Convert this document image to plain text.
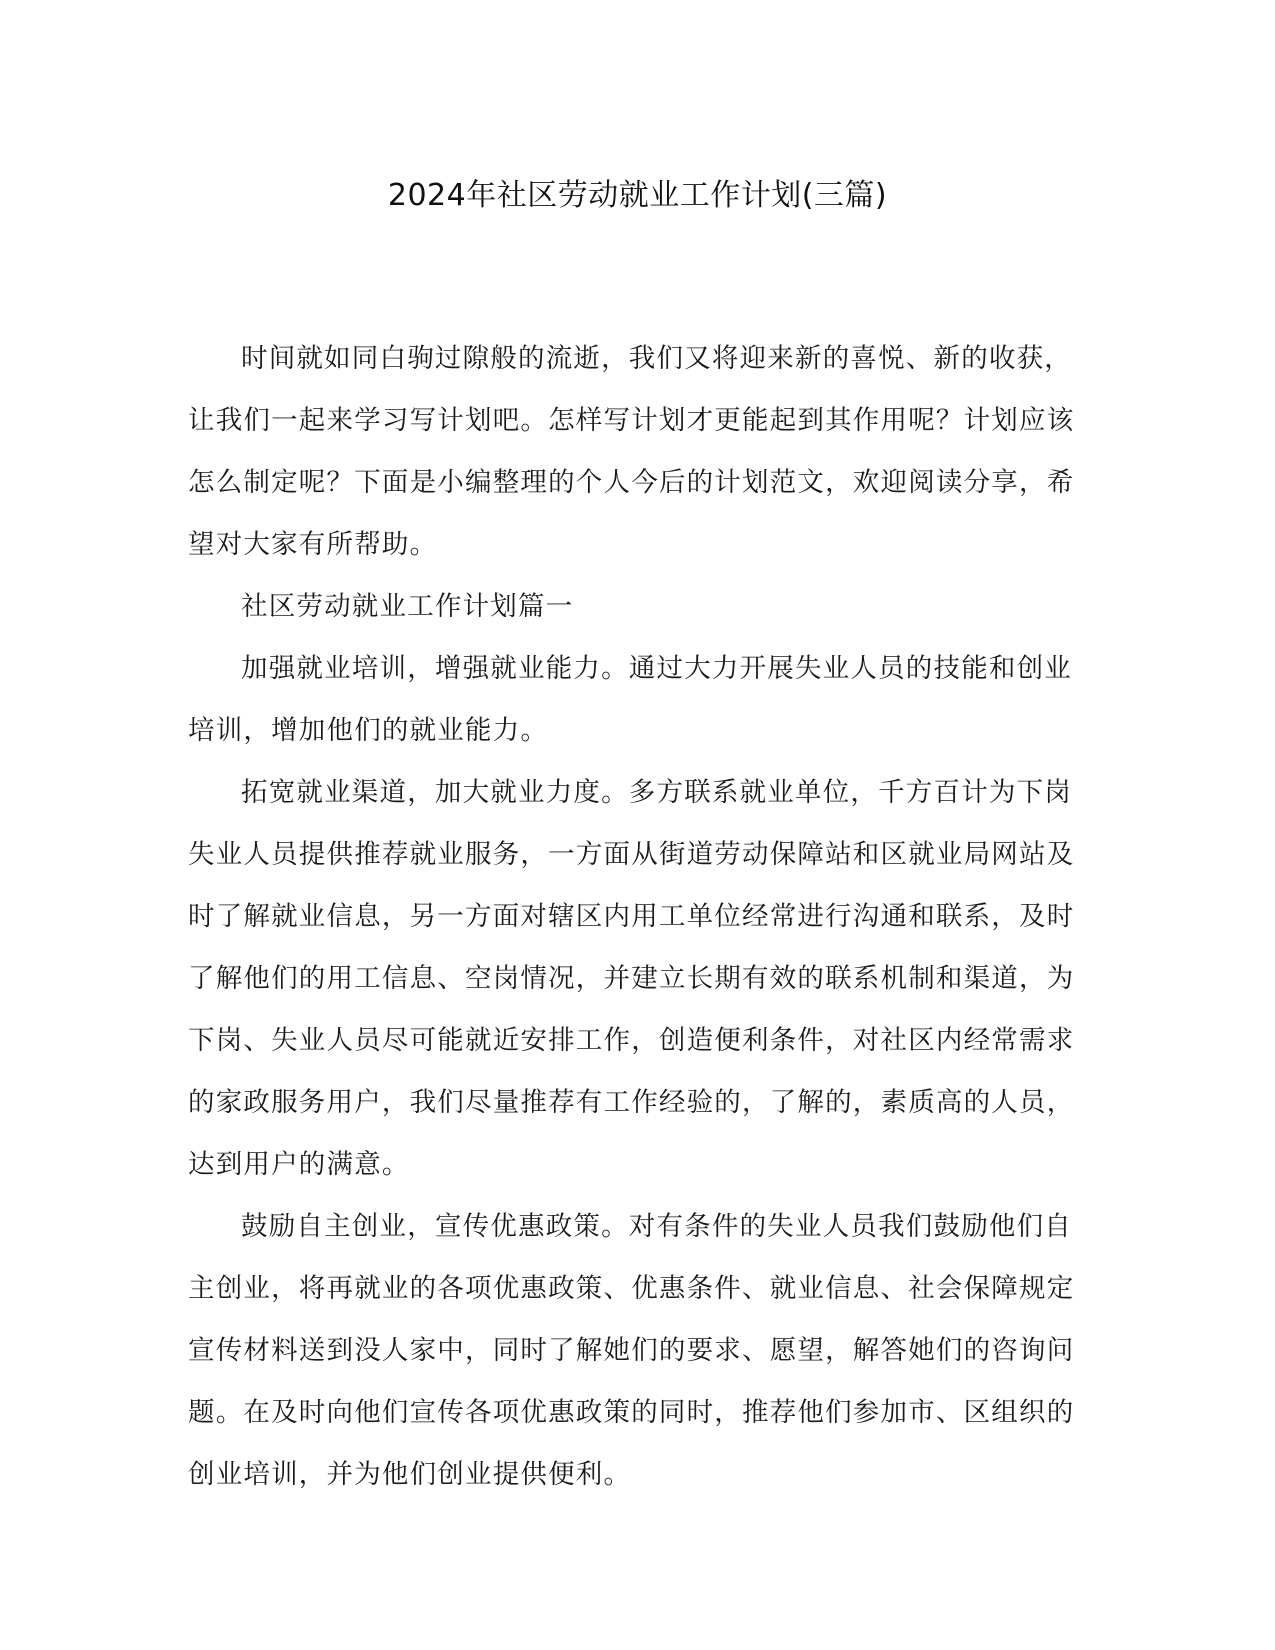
2024年社区劳动就业工作计划(三篇)

时间就如同白驹过隙般的流逝，我们又将迎来新的喜悦、新的收获，让我们一起来学习写计划吧。怎样写计划才更能起到其作用呢？计划应该怎么制定呢？下面是小编整理的个人今后的计划范文，欢迎阅读分享，希望对大家有所帮助。

社区劳动就业工作计划篇一

加强就业培训，增强就业能力。通过大力开展失业人员的技能和创业培训，增加他们的就业能力。

拓宽就业渠道，加大就业力度。多方联系就业单位，千方百计为下岗失业人员提供推荐就业服务，一方面从街道劳动保障站和区就业局网站及时了解就业信息，另一方面对辖区内用工单位经常进行沟通和联系，及时了解他们的用工信息、空岗情况，并建立长期有效的联系机制和渠道，为下岗、失业人员尽可能就近安排工作，创造便利条件，对社区内经常需求的家政服务用户，我们尽量推荐有工作经验的，了解的，素质高的人员，达到用户的满意。

鼓励自主创业，宣传优惠政策。对有条件的失业人员我们鼓励他们自主创业，将再就业的各项优惠政策、优惠条件、就业信息、社会保障规定宣传材料送到没人家中，同时了解她们的要求、愿望，解答她们的咨询问题。在及时向他们宣传各项优惠政策的同时，推荐他们参加市、区组织的创业培训，并为他们创业提供便利。
